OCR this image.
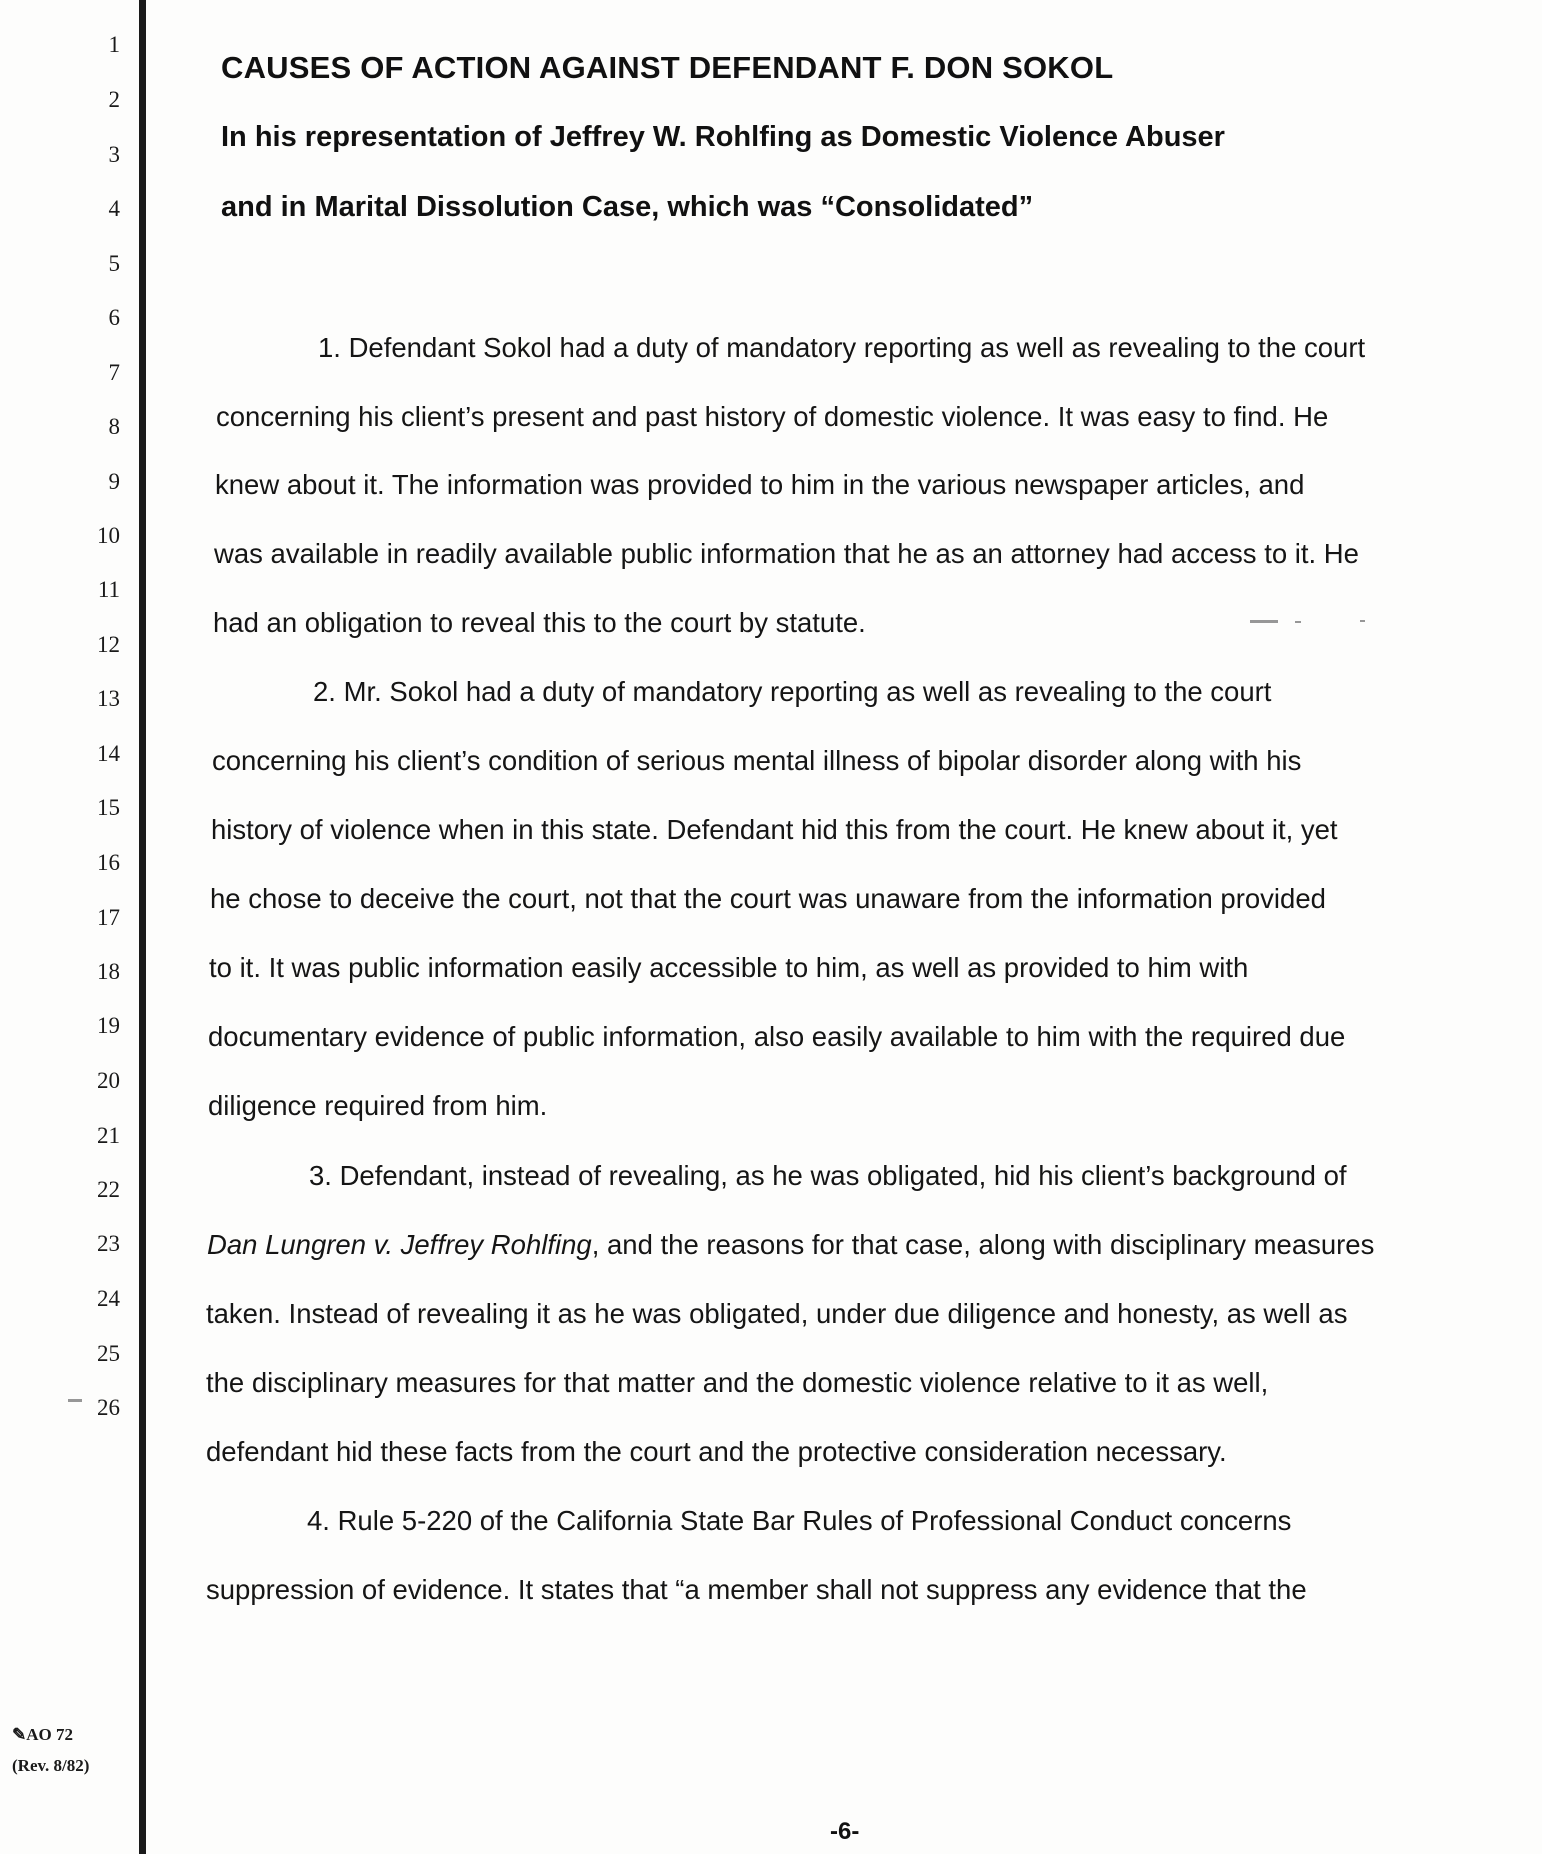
1
2
3
4
5
6
7
8
9
10
11
12
13
14
15
16
17
18
19
20
21
22
23
24
25
26
✎AO 72
(Rev. 8/82)
CAUSES OF ACTION AGAINST DEFENDANT F. DON SOKOL
In his representation of Jeffrey W. Rohlfing as Domestic Violence Abuser
and in Marital Dissolution Case, which was “Consolidated”
1. Defendant Sokol had a duty of mandatory reporting as well as revealing to the court
concerning his client’s present and past history of domestic violence. It was easy to find. He
knew about it. The information was provided to him in the various newspaper articles, and
was available in readily available public information that he as an attorney had access to it. He
had an obligation to reveal this to the court by statute.
2. Mr. Sokol had a duty of mandatory reporting as well as revealing to the court
concerning his client’s condition of serious mental illness of bipolar disorder along with his
history of violence when in this state. Defendant hid this from the court. He knew about it, yet
he chose to deceive the court, not that the court was unaware from the information provided
to it. It was public information easily accessible to him, as well as provided to him with
documentary evidence of public information, also easily available to him with the required due
diligence required from him.
3. Defendant, instead of revealing, as he was obligated, hid his client’s background of
Dan Lungren v. Jeffrey Rohlfing, and the reasons for that case, along with disciplinary measures
taken. Instead of revealing it as he was obligated, under due diligence and honesty, as well as
the disciplinary measures for that matter and the domestic violence relative to it as well,
defendant hid these facts from the court and the protective consideration necessary.
4. Rule 5-220 of the California State Bar Rules of Professional Conduct concerns
suppression of evidence. It states that “a member shall not suppress any evidence that the
-6-
